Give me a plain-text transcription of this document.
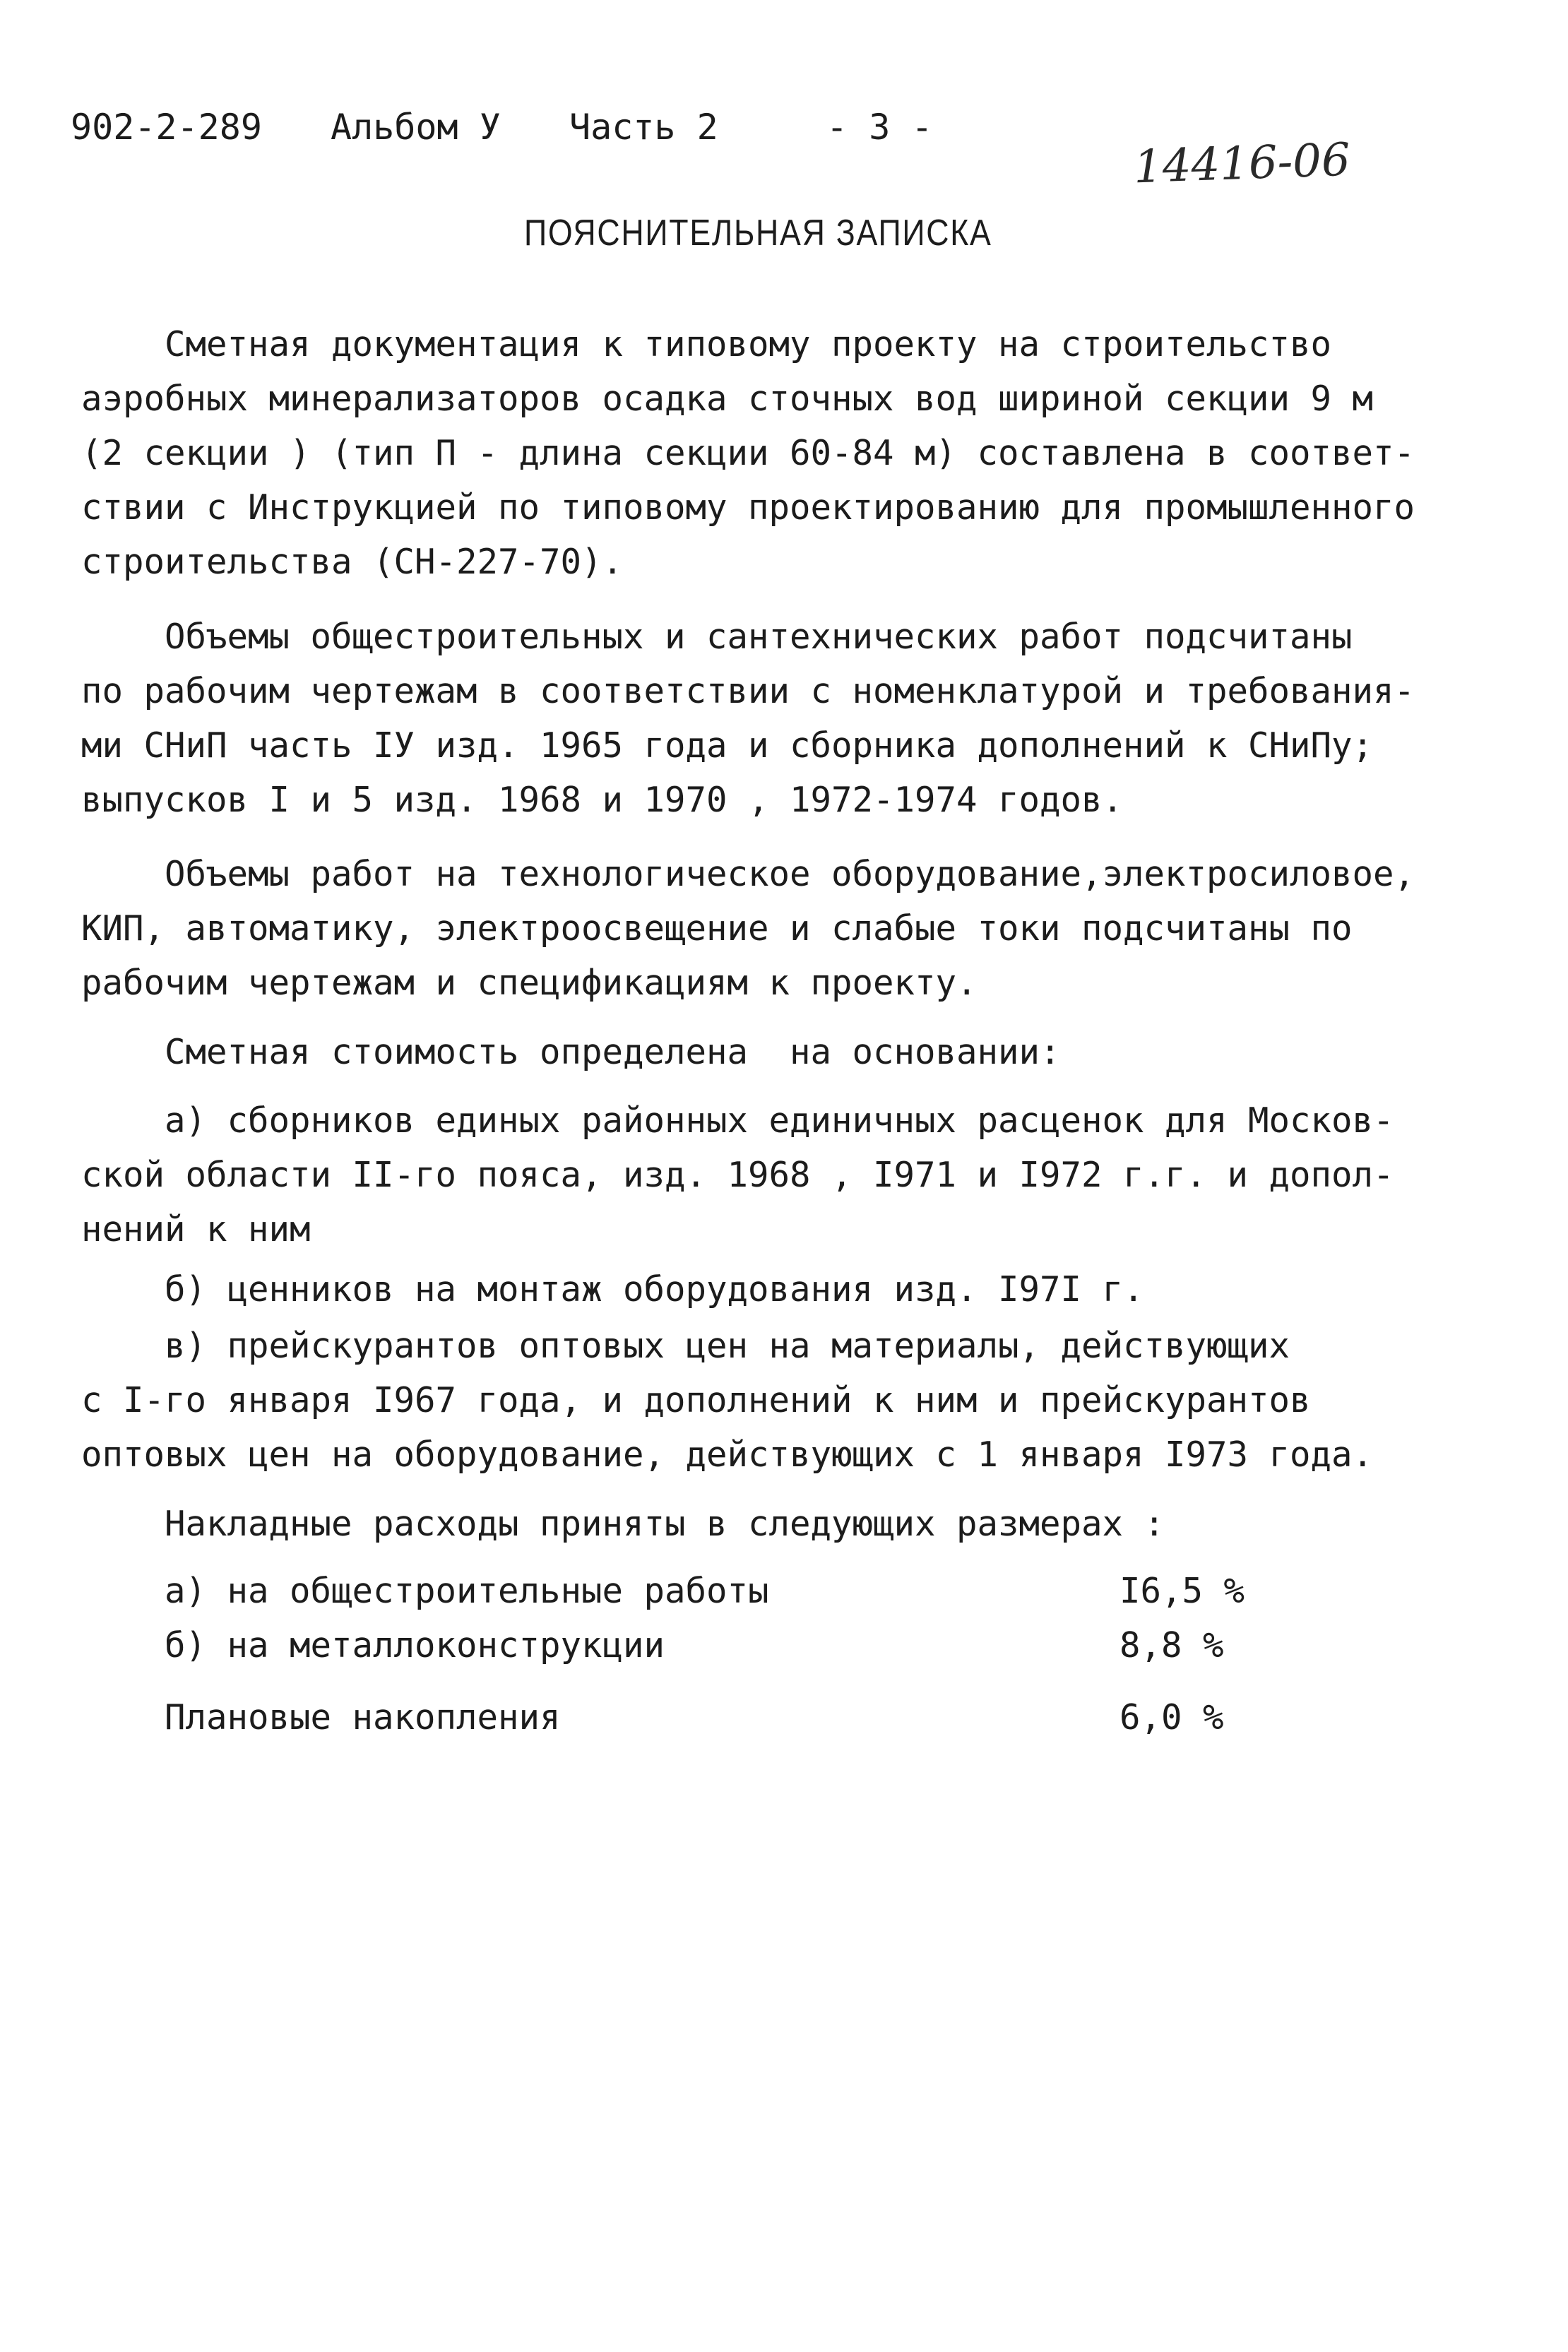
902-2-289 Альбом У Часть 2	- 3 -
14416-06
ПОЯСНИТЕЛЬНАЯ ЗАПИСКА
Сметная документация к типовому проекту на строительство
аэробных минерализаторов осадка сточных вод шириной секции 9 м
(2 секции ) (тип П - длина секции 60-84 м) составлена в соответ-
ствии с Инструкцией по типовому проектированию для промышленного
строительства (СН-227-70).
Объемы общестроительных и сантехнических работ подсчитаны
по рабочим чертежам в соответствии с номенклатурой и требования-
ми СНиП часть IУ изд. 1965 года и сборника дополнений к СНиПу;
выпусков I и 5 изд. 1968 и 1970 , 1972-1974 годов.
Объемы работ на технологическое оборудование,электросиловое,
КИП, автоматику, электроосвещение и слабые токи подсчитаны по
рабочим чертежам и спецификациям к проекту.
Сметная стоимость определена  на основании:
а) сборников единых районных единичных расценок для Москов-
ской области II-го пояса, изд. 1968 , I971 и I972 г.г. и допол-
нений к ним
б) ценников на монтаж оборудования изд. I97I г.
в) прейскурантов оптовых цен на материалы, действующих
с I-го января I967 года, и дополнений к ним и прейскурантов
оптовых цен на оборудование, действующих с 1 января I973 года.
Накладные расходы приняты в следующих размерах :
а) на общестроительные работы	I6,5 %
б) на металлоконструкции	8,8 %
Плановые накопления	6,0 %
